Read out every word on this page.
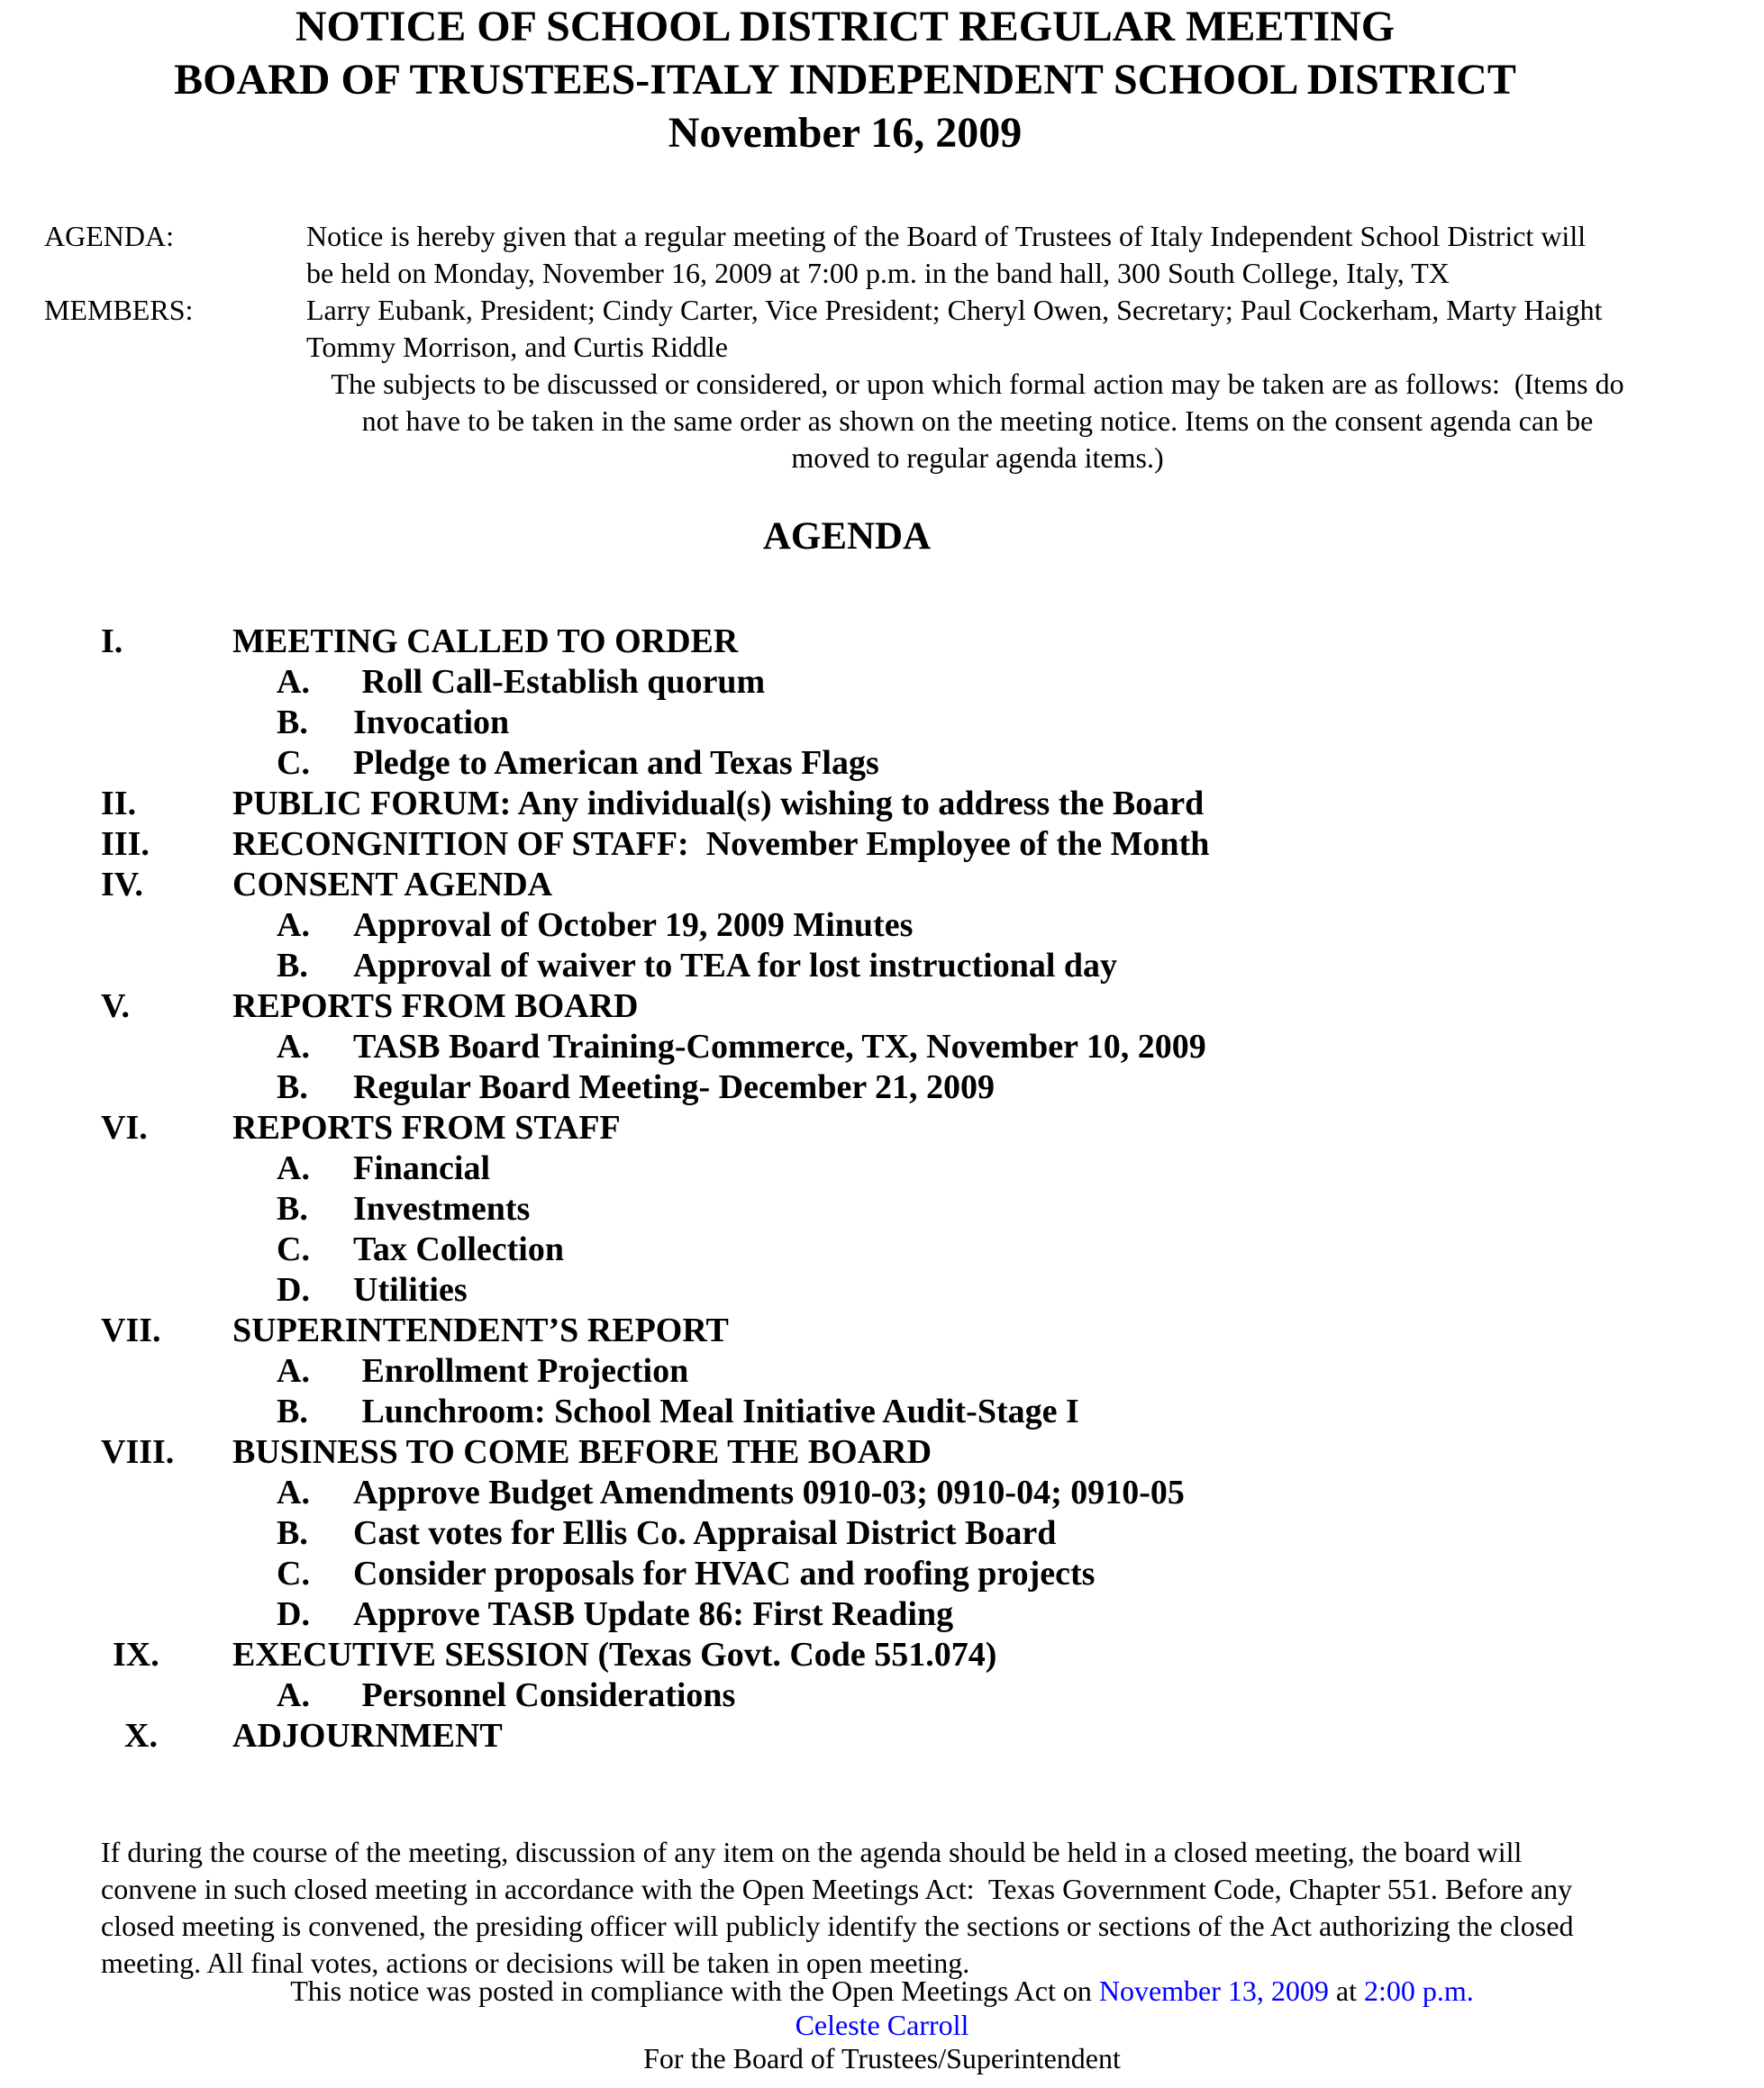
NOTICE OF SCHOOL DISTRICT REGULAR MEETING
BOARD OF TRUSTEES-ITALY INDEPENDENT SCHOOL DISTRICT
November 16, 2009
AGENDA:	Notice is hereby given that a regular meeting of the Board of Trustees of Italy Independent School District will
be held on Monday, November 16, 2009 at 7:00 p.m. in the band hall, 300 South College, Italy, TX
MEMBERS:	Larry Eubank, President; Cindy Carter, Vice President; Cheryl Owen, Secretary; Paul Cockerham, Marty Haight
Tommy Morrison, and Curtis Riddle
The subjects to be discussed or considered, or upon which formal action may be taken are as follows:  (Items do
not have to be taken in the same order as shown on the meeting notice. Items on the consent agenda can be
moved to regular agenda items.)
AGENDA
I.	MEETING CALLED TO ORDER
A.	Roll Call-Establish quorum
B.	Invocation
C.	Pledge to American and Texas Flags
II.	PUBLIC FORUM: Any individual(s) wishing to address the Board
III.	RECONGNITION OF STAFF:  November Employee of the Month
IV.	CONSENT AGENDA
A.	Approval of October 19, 2009 Minutes
B.	Approval of waiver to TEA for lost instructional day
V.	REPORTS FROM BOARD
A.	TASB Board Training-Commerce, TX, November 10, 2009
B.	Regular Board Meeting- December 21, 2009
VI.	REPORTS FROM STAFF
A.	Financial
B.	Investments
C.	Tax Collection
D.	Utilities
VII.	SUPERINTENDENT’S REPORT
A.	Enrollment Projection
B.	Lunchroom: School Meal Initiative Audit-Stage I
VIII.	BUSINESS TO COME BEFORE THE BOARD
A.	Approve Budget Amendments 0910-03; 0910-04; 0910-05
B.	Cast votes for Ellis Co. Appraisal District Board
C.	Consider proposals for HVAC and roofing projects
D.	Approve TASB Update 86: First Reading
IX.	EXECUTIVE SESSION (Texas Govt. Code 551.074)
A.	Personnel Considerations
X.	ADJOURNMENT
If during the course of the meeting, discussion of any item on the agenda should be held in a closed meeting, the board will
convene in such closed meeting in accordance with the Open Meetings Act:  Texas Government Code, Chapter 551. Before any
closed meeting is convened, the presiding officer will publicly identify the sections or sections of the Act authorizing the closed
meeting. All final votes, actions or decisions will be taken in open meeting.
This notice was posted in compliance with the Open Meetings Act on November 13, 2009 at 2:00 p.m.
Celeste Carroll
For the Board of Trustees/Superintendent
